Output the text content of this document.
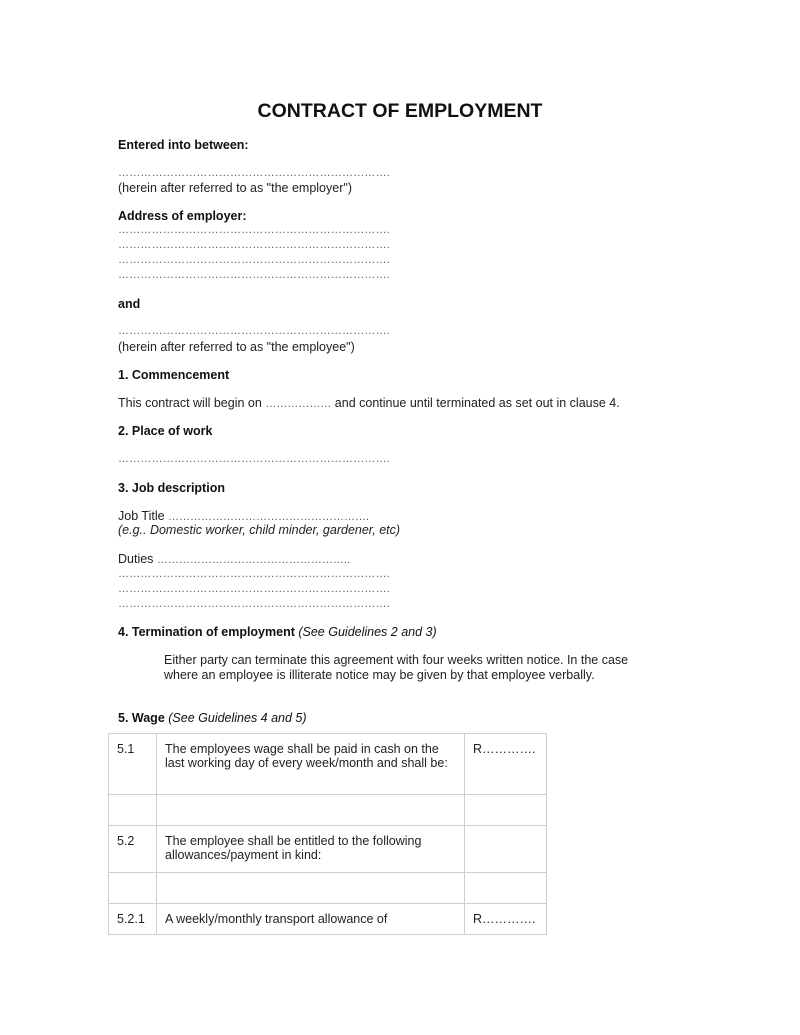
CONTRACT OF EMPLOYMENT
Entered into between:
……………………………………………………………….
(herein after referred to as "the employer")
Address of employer:
……………………………………………………………….
……………………………………………………………….
……………………………………………………………….
……………………………………………………………….
and
……………………………………………………………….
(herein after referred to as "the employee")
1. Commencement
This contract will begin on ……………… and continue until terminated as set out in clause 4.
2. Place of work
……………………………………………………………….
3. Job description
Job Title ……………………………………………….
(e.g.. Domestic worker, child minder, gardener, etc)
Duties ……………………………………………..
……………………………………………………………….
……………………………………………………………….
……………………………………………………………….
4. Termination of employment (See Guidelines 2 and 3)
Either party can terminate this agreement with four weeks written notice. In the case where an employee is illiterate notice may be given by that employee verbally.
5. Wage (See Guidelines 4 and 5)
5.1	The employees wage shall be paid in cash on the last working day of every week/month and shall be:	R………….

5.2	The employee shall be entitled to the following allowances/payment in kind:	

5.2.1	A weekly/monthly transport allowance of	R………….
